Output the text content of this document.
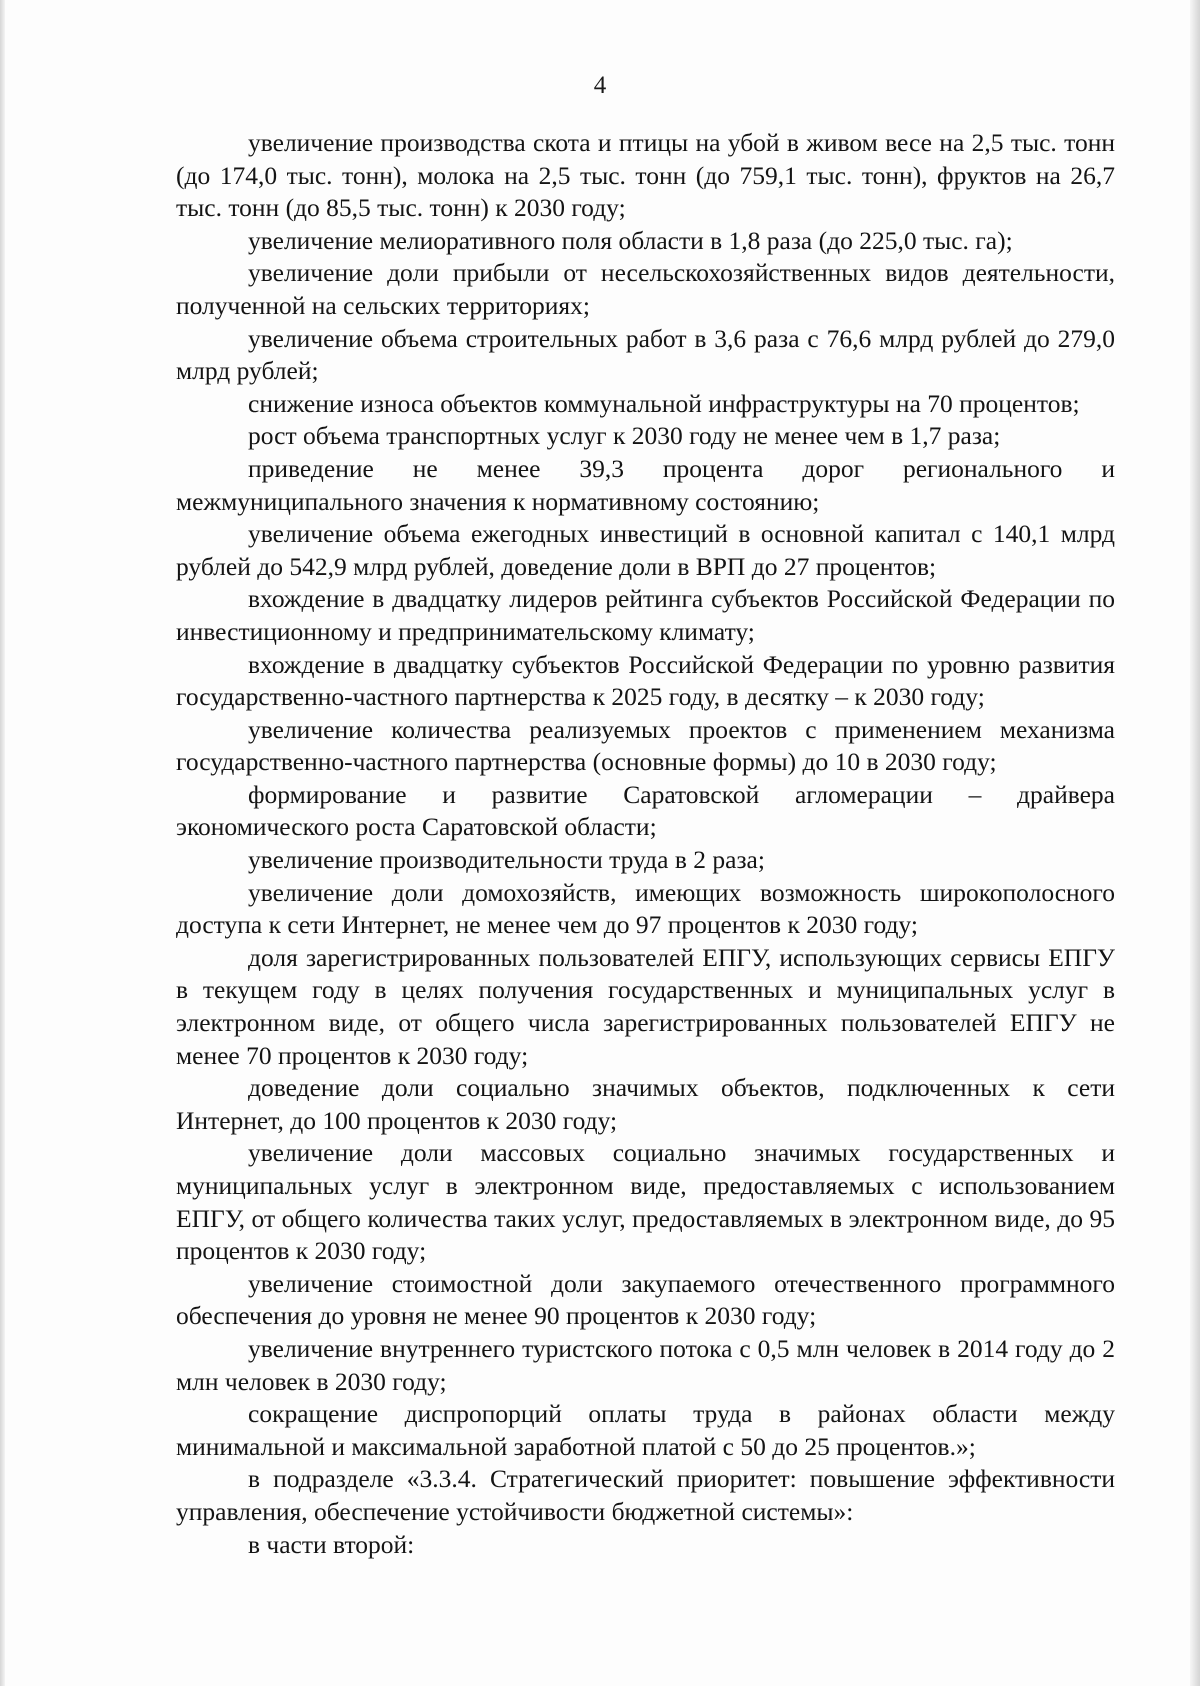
4

увеличение производства скота и птицы на убой в живом весе на 2,5 тыс. тонн (до 174,0 тыс. тонн), молока на 2,5 тыс. тонн (до 759,1 тыс. тонн), фруктов на 26,7 тыс. тонн (до 85,5 тыс. тонн) к 2030 году;

увеличение мелиоративного поля области в 1,8 раза (до 225,0 тыс. га);

увеличение доли прибыли от несельскохозяйственных видов деятельности, полученной на сельских территориях;

увеличение объема строительных работ в 3,6 раза с 76,6 млрд рублей до 279,0 млрд рублей;

снижение износа объектов коммунальной инфраструктуры на 70 процентов;

рост объема транспортных услуг к 2030 году не менее чем в 1,7 раза;

приведение не менее 39,3 процента дорог регионального и межмуниципального значения к нормативному состоянию;

увеличение объема ежегодных инвестиций в основной капитал с 140,1 млрд рублей до 542,9 млрд рублей, доведение доли в ВРП до 27 процентов;

вхождение в двадцатку лидеров рейтинга субъектов Российской Федерации по инвестиционному и предпринимательскому климату;

вхождение в двадцатку субъектов Российской Федерации по уровню развития государственно-частного партнерства к 2025 году, в десятку – к 2030 году;

увеличение количества реализуемых проектов с применением механизма государственно-частного партнерства (основные формы) до 10 в 2030 году;

формирование и развитие Саратовской агломерации – драйвера экономического роста Саратовской области;

увеличение производительности труда в 2 раза;

увеличение доли домохозяйств, имеющих возможность широкополосного доступа к сети Интернет, не менее чем до 97 процентов к 2030 году;

доля зарегистрированных пользователей ЕПГУ, использующих сервисы ЕПГУ в текущем году в целях получения государственных и муниципальных услуг в электронном виде, от общего числа зарегистрированных пользователей ЕПГУ не менее 70 процентов к 2030 году;

доведение доли социально значимых объектов, подключенных к сети Интернет, до 100 процентов к 2030 году;

увеличение доли массовых социально значимых государственных и муниципальных услуг в электронном виде, предоставляемых с использованием ЕПГУ, от общего количества таких услуг, предоставляемых в электронном виде, до 95 процентов к 2030 году;

увеличение стоимостной доли закупаемого отечественного программного обеспечения до уровня не менее 90 процентов к 2030 году;

увеличение внутреннего туристского потока с 0,5 млн человек в 2014 году до 2 млн человек в 2030 году;

сокращение диспропорций оплаты труда в районах области между минимальной и максимальной заработной платой с 50 до 25 процентов.»;

в подразделе «3.3.4. Стратегический приоритет: повышение эффективности управления, обеспечение устойчивости бюджетной системы»:

в части второй:
